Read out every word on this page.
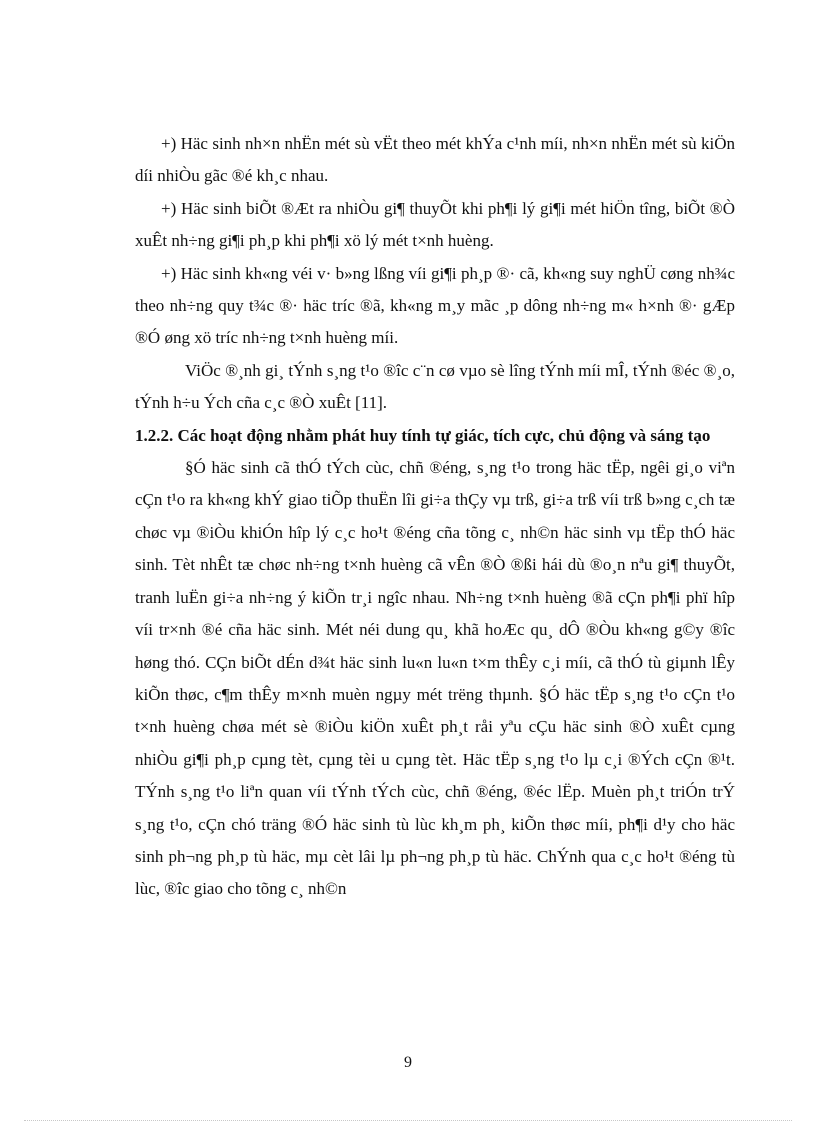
+) Häc sinh nh×n nhËn mét sù vËt theo mét khÝa c¹nh míi, nh×n nhËn mét sù kiÖn díi nhiÒu gãc ®é kh¸c nhau.

+) Häc sinh biÕt ®Æt ra nhiÒu gi¶ thuyÕt khi ph¶i lý gi¶i mét hiÖn tîng, biÕt ®Ò xuÊt nh÷ng gi¶i ph¸p khi ph¶i xö lý mét t×nh huèng.

+) Häc sinh kh«ng véi v· b»ng lßng víi gi¶i ph¸p ®· cã, kh«ng suy nghÜ cøng nh¾c theo nh÷ng quy t¾c ®· häc tríc ®ã, kh«ng m¸y mãc ¸p dông nh÷ng m« h×nh ®· gÆp ®Ó øng xö tríc nh÷ng t×nh huèng míi.

ViÖc ®¸nh gi¸ tÝnh s¸ng t¹o ®îc c¨n cø vµo sè lîng tÝnh míi mÎ, tÝnh ®éc ®¸o, tÝnh h÷u Ých cña c¸c ®Ò xuÊt [11].

1.2.2. Các hoạt động nhằm phát huy tính tự giác, tích cực, chủ động và sáng tạo

§Ó häc sinh cã thÓ tÝch cùc, chñ ®éng, s¸ng t¹o trong häc tËp, ngêi gi¸o viªn cÇn t¹o ra kh«ng khÝ giao tiÕp thuËn lîi gi÷a thÇy vµ trß, gi÷a trß víi trß b»ng c¸ch tæ chøc vµ ®iÒu khiÓn hîp lý c¸c ho¹t ®éng cña tõng c¸ nh©n häc sinh vµ tËp thÓ häc sinh. Tèt nhÊt tæ chøc nh÷ng t×nh huèng cã vÊn ®Ò ®ßi hái dù ®o¸n nªu gi¶ thuyÕt, tranh luËn gi÷a nh÷ng ý kiÕn tr¸i ngîc nhau. Nh÷ng t×nh huèng ®ã cÇn ph¶i phï hîp víi tr×nh ®é cña häc sinh. Mét néi dung qu¸ khã hoÆc qu¸ dÔ ®Òu kh«ng g©y ®îc høng thó. CÇn biÕt dÉn d¾t häc sinh lu«n lu«n t×m thÊy c¸i míi, cã thÓ tù giµnh lÊy kiÕn thøc, c¶m thÊy m×nh muèn ngµy mét trëng thµnh. §Ó häc tËp s¸ng t¹o cÇn t¹o t×nh huèng chøa mét sè ®iÒu kiÖn xuÊt ph¸t råi yªu cÇu häc sinh ®Ò xuÊt cµng nhiÒu gi¶i ph¸p cµng tèt, cµng tèi u cµng tèt. Häc tËp s¸ng t¹o lµ c¸i ®Ých cÇn ®¹t. TÝnh s¸ng t¹o liªn quan víi tÝnh tÝch cùc, chñ ®éng, ®éc lËp. Muèn ph¸t triÓn trÝ s¸ng t¹o, cÇn chó träng ®Ó häc sinh tù lùc kh¸m ph¸ kiÕn thøc míi, ph¶i d¹y cho häc sinh ph¬ng ph¸p tù häc, mµ cèt lâi lµ ph¬ng ph¸p tù häc. ChÝnh qua c¸c ho¹t ®éng tù lùc, ®îc giao cho tõng c¸ nh©n

9
